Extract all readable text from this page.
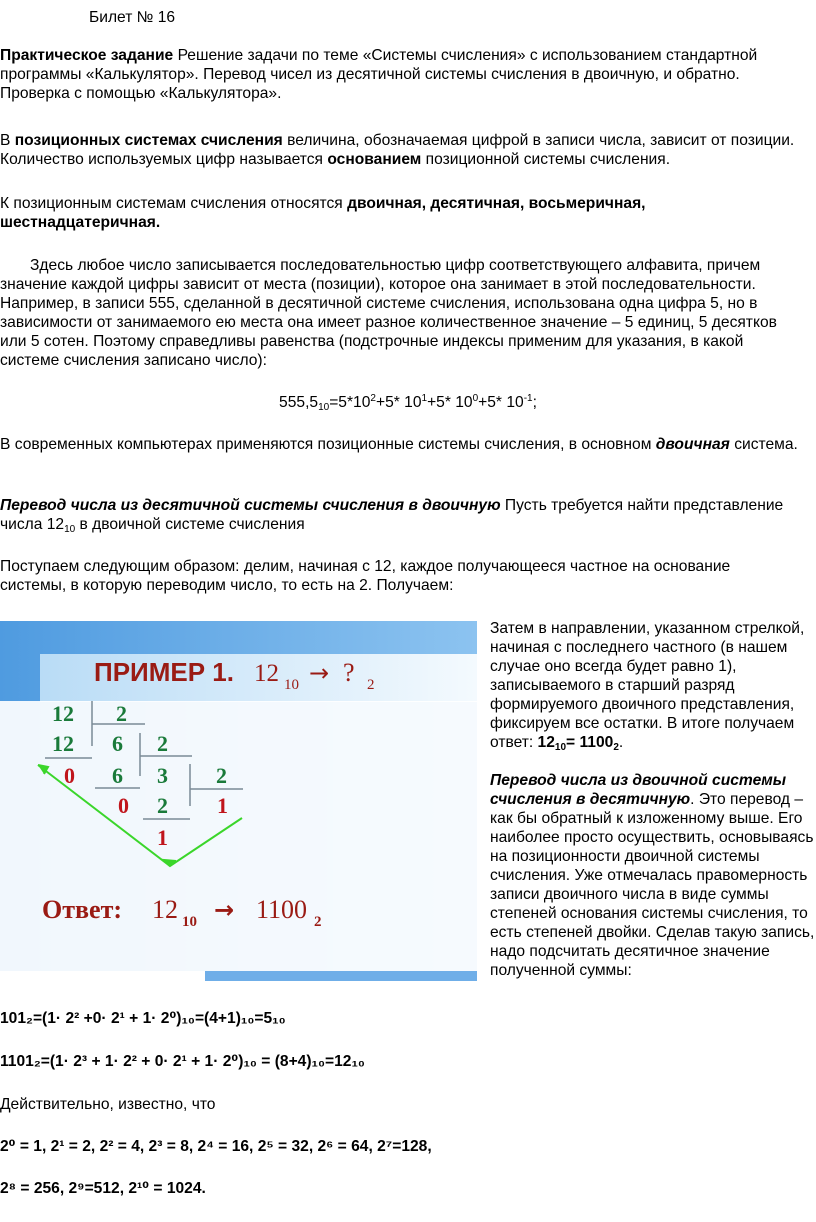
Билет № 16

Практическое задание Решение задачи по теме «Системы счисления» с использованием стандартной программы «Калькулятор». Перевод чисел из десятичной системы счисления в двоичную, и обратно. Проверка с помощью «Калькулятора».

В позиционных системах счисления величина, обозначаемая цифрой в записи числа, зависит от позиции. Количество используемых цифр называется основанием позиционной системы счисления.

К позиционным системам счисления относятся двоичная, десятичная, восьмеричная, шестнадцатеричная.

Здесь любое число записывается последовательностью цифр соответствующего алфавита, причем значение каждой цифры зависит от места (позиции), которое она занимает в этой последовательности. Например, в записи 555, сделанной в десятичной системе счисления, использована одна цифра 5, но в зависимости от занимаемого ею места она имеет разное количественное значение – 5 единиц, 5 десятков или 5 сотен. Поэтому справедливы равенства (подстрочные индексы применим для указания, в какой системе счисления записано число):

$555,5_{10}=5*10^2+5*$ $10^1+5*$ $10^0+5*$ $10^{-1}$;

В современных компьютерах применяются позиционные системы счисления, в основном двоичная система.

Перевод числа из десятичной системы счисления в двоичную Пусть требуется найти представление числа $12_{10}$ в двоичной системе счисления

Поступаем следующим образом: делим, начиная с 12, каждое получающееся частное на основание системы, в которую переводим число, то есть на 2. Получаем:

ПРИМЕР 1. 12 10 → ? 2
12 2
12 6 2
0 6 3 2
0 2 1
1
Ответ: 12 10 → 1100 2

Затем в направлении, указанном стрелкой, начиная с последнего частного (в нашем случае оно всегда будет равно 1), записываемого в старший разряд формируемого двоичного представления, фиксируем все остатки. В итоге получаем ответ: $12_{10}= 1100_2$.

Перевод числа из двоичной системы счисления в десятичную. Это перевод – как бы обратный к изложенному выше. Его наиболее просто осуществить, основываясь на позиционности двоичной системы счисления. Уже отмечалась правомерность записи двоичного числа в виде суммы степеней основания системы счисления, то есть степеней двойки. Сделав такую запись, надо подсчитать десятичное значение полученной суммы:

101₂=(1· 2² +0· 2¹ + 1· 2⁰)₁₀=(4+1)₁₀=5₁₀

1101₂=(1· 2³ + 1· 2² + 0· 2¹ + 1· 2⁰)₁₀ = (8+4)₁₀=12₁₀

Действительно, известно, что

2⁰ = 1, 2¹ = 2, 2² = 4, 2³ = 8, 2⁴ = 16, 2⁵ = 32, 2⁶ = 64, 2⁷=128,

2⁸ = 256, 2⁹=512, 2¹⁰ = 1024.
